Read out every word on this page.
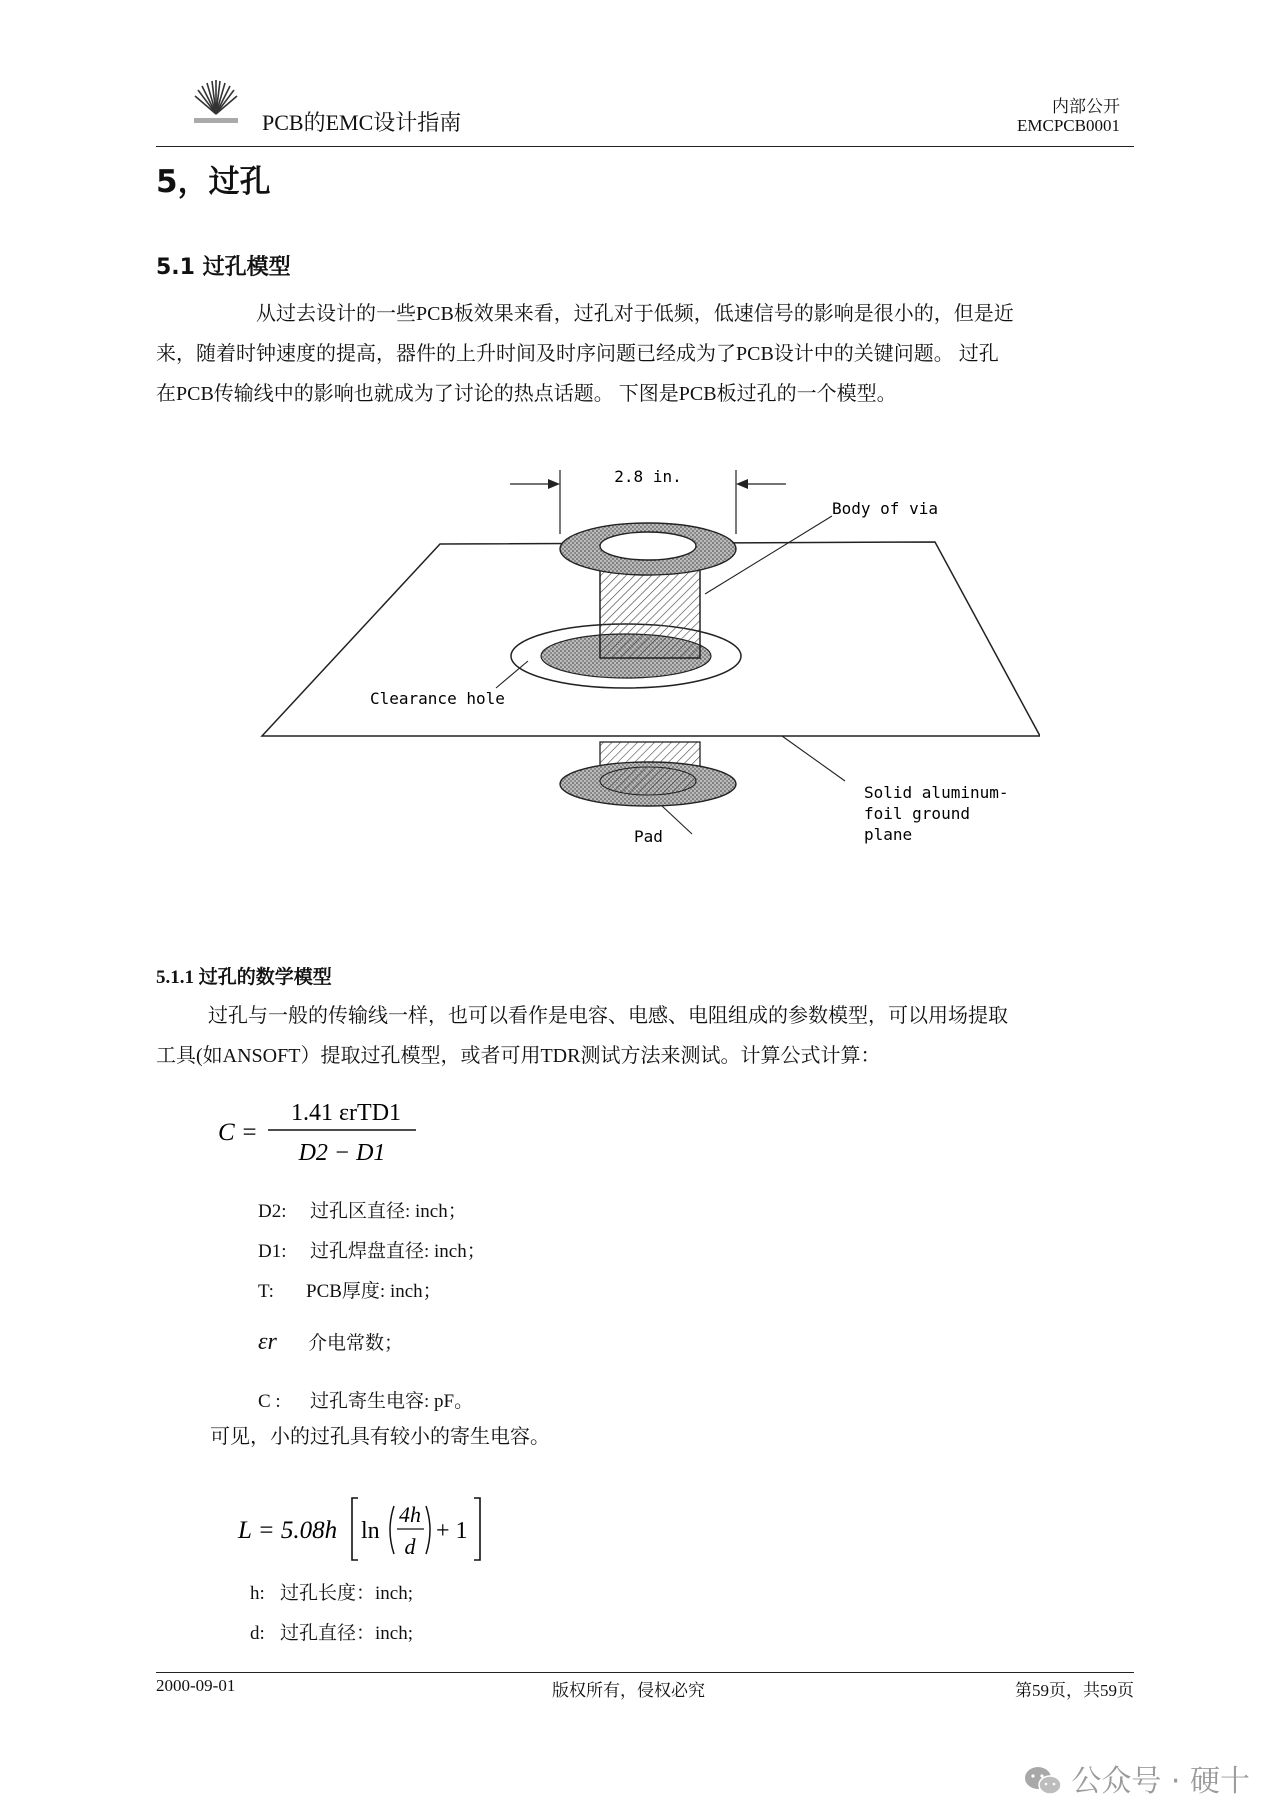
PCB的EMC设计指南
内部公开
EMCPCB0001
5，过孔
5.1 过孔模型
从过去设计的一些PCB板效果来看，过孔对于低频，低速信号的影响是很小的，但是近
来，随着时钟速度的提高，器件的上升时间及时序问题已经成为了PCB设计中的关键问题。 过孔
在PCB传输线中的影响也就成为了讨论的热点话题。 下图是PCB板过孔的一个模型。
2.8 in.
Body of via
Clearance hole
Solid aluminum-
foil ground
plane
Pad
5.1.1 过孔的数学模型
过孔与一般的传输线一样，也可以看作是电容、电感、电阻组成的参数模型，可以用场提取
工具(如ANSOFT）提取过孔模型，或者可用TDR测试方法来测试。计算公式计算：
C =
1.41 εrTD1
D2 − D1
D2: 过孔区直径: inch；
D1: 过孔焊盘直径: inch；
T: PCB厚度: inch；
εr 介电常数；
C : 过孔寄生电容: pF。
可见，小的过孔具有较小的寄生电容。
L = 5.08h ln
4h
d
+ 1
h: 过孔长度：inch;
d: 过孔直径：inch;
2000-09-01	版权所有，侵权必究	第59页，共59页
公众号 · 硬十
